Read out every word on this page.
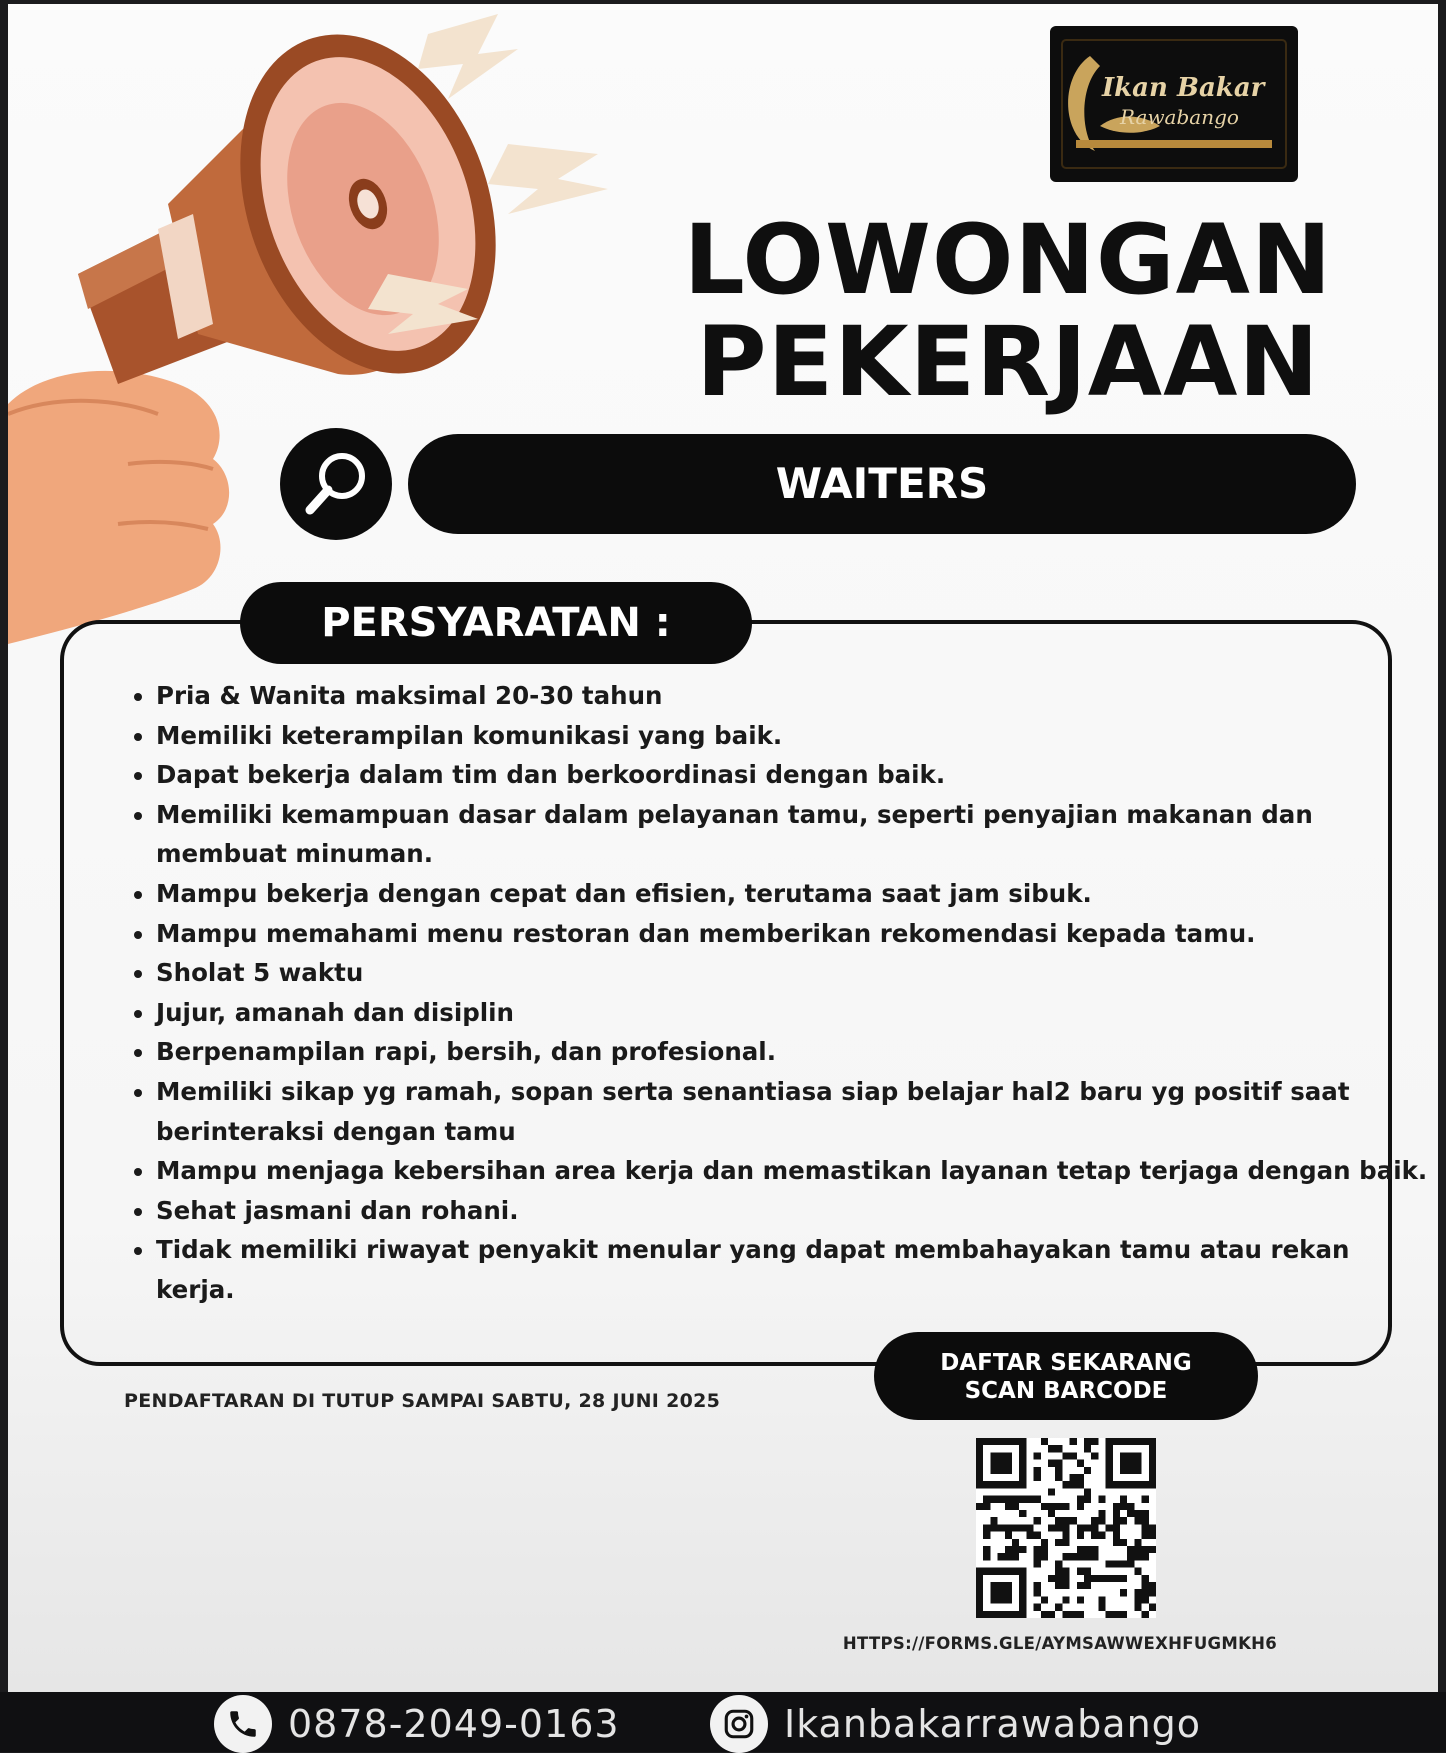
Ikan Bakar
Rawabango
LOWONGAN
PEKERJAAN
WAITERS
PERSYARATAN :
• Pria & Wanita maksimal 20-30 tahun
• Memiliki keterampilan komunikasi yang baik.
• Dapat bekerja dalam tim dan berkoordinasi dengan baik.
• Memiliki kemampuan dasar dalam pelayanan tamu, seperti penyajian makanan dan membuat minuman.
• Mampu bekerja dengan cepat dan efisien, terutama saat jam sibuk.
• Mampu memahami menu restoran dan memberikan rekomendasi kepada tamu.
• Sholat 5 waktu
• Jujur, amanah dan disiplin
• Berpenampilan rapi, bersih, dan profesional.
• Memiliki sikap yg ramah, sopan serta senantiasa siap belajar hal2 baru yg positif saat berinteraksi dengan tamu
• Mampu menjaga kebersihan area kerja dan memastikan layanan tetap terjaga dengan baik.
• Sehat jasmani dan rohani.
• Tidak memiliki riwayat penyakit menular yang dapat membahayakan tamu atau rekan kerja.
PENDAFTARAN DI TUTUP SAMPAI SABTU, 28 JUNI 2025
DAFTAR SEKARANG
SCAN BARCODE
HTTPS://FORMS.GLE/AYMSAWWEXHFUGMKH6
0878-2049-0163	Ikanbakarrawabango
